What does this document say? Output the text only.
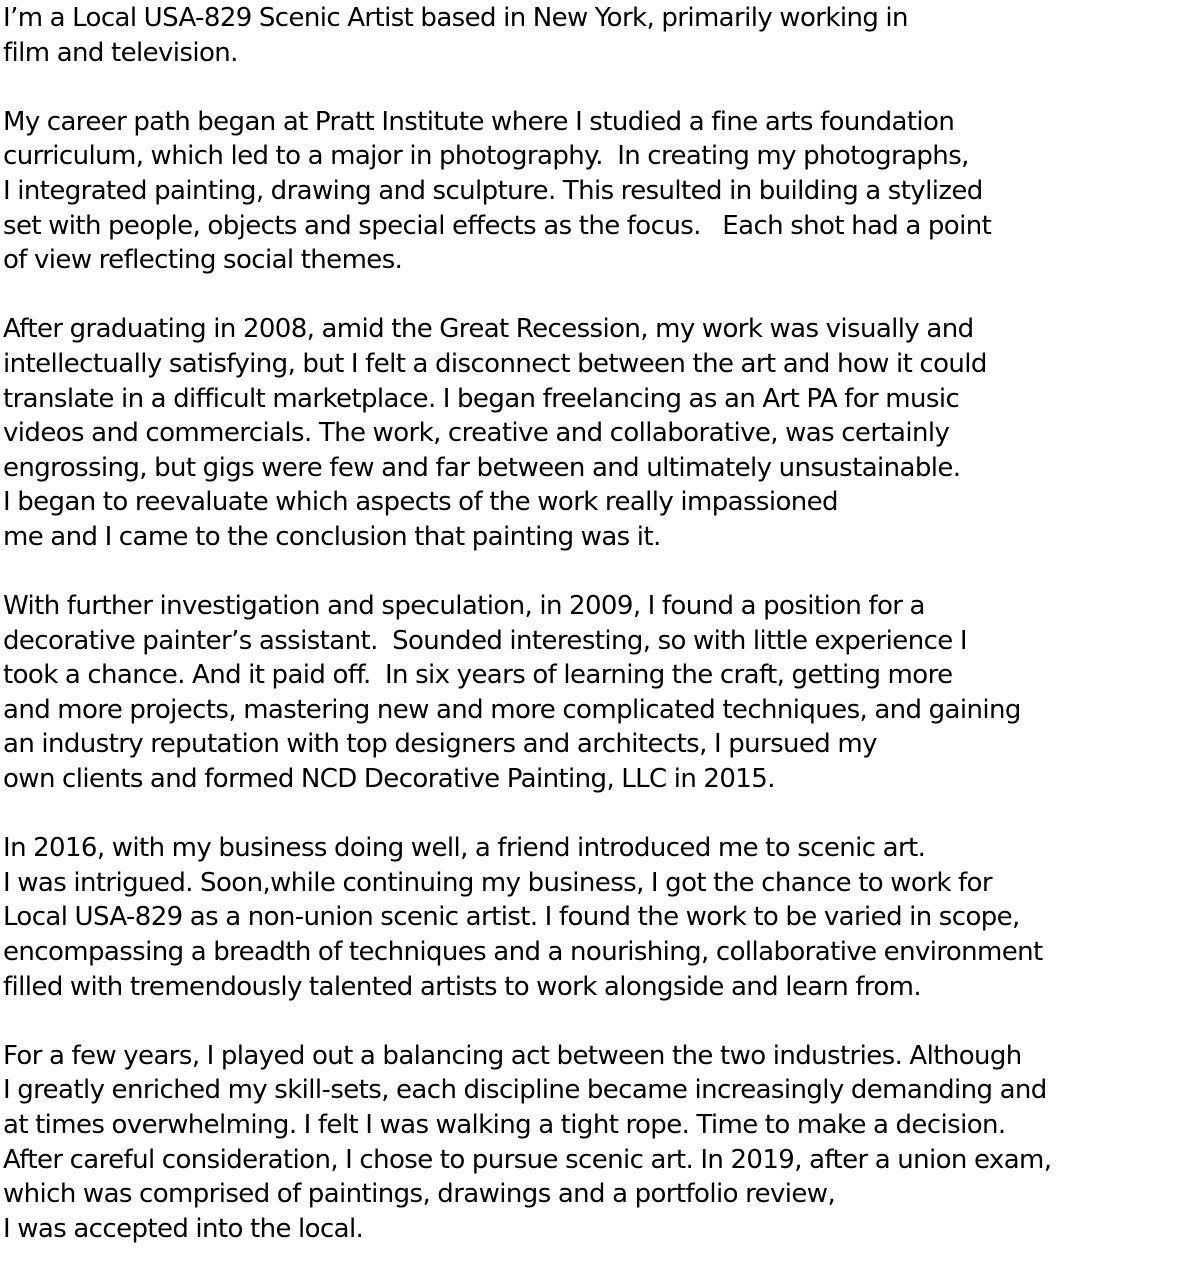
I’m a Local USA-829 Scenic Artist based in New York, primarily working in
film and television.

My career path began at Pratt Institute where I studied a fine arts foundation
curriculum, which led to a major in photography.  In creating my photographs,
I integrated painting, drawing and sculpture. This resulted in building a stylized
set with people, objects and special effects as the focus.   Each shot had a point
of view reflecting social themes.

After graduating in 2008, amid the Great Recession, my work was visually and
intellectually satisfying, but I felt a disconnect between the art and how it could
translate in a difficult marketplace. I began freelancing as an Art PA for music
videos and commercials. The work, creative and collaborative, was certainly
engrossing, but gigs were few and far between and ultimately unsustainable.
I began to reevaluate which aspects of the work really impassioned
me and I came to the conclusion that painting was it.

With further investigation and speculation, in 2009, I found a position for a
decorative painter’s assistant.  Sounded interesting, so with little experience I
took a chance. And it paid off.  In six years of learning the craft, getting more
and more projects, mastering new and more complicated techniques, and gaining
an industry reputation with top designers and architects, I pursued my
own clients and formed NCD Decorative Painting, LLC in 2015.

In 2016, with my business doing well, a friend introduced me to scenic art.
I was intrigued. Soon,while continuing my business, I got the chance to work for
Local USA-829 as a non-union scenic artist. I found the work to be varied in scope,
encompassing a breadth of techniques and a nourishing, collaborative environment
filled with tremendously talented artists to work alongside and learn from.

For a few years, I played out a balancing act between the two industries. Although
I greatly enriched my skill-sets, each discipline became increasingly demanding and
at times overwhelming. I felt I was walking a tight rope. Time to make a decision.
After careful consideration, I chose to pursue scenic art. In 2019, after a union exam,
which was comprised of paintings, drawings and a portfolio review,
I was accepted into the local.
